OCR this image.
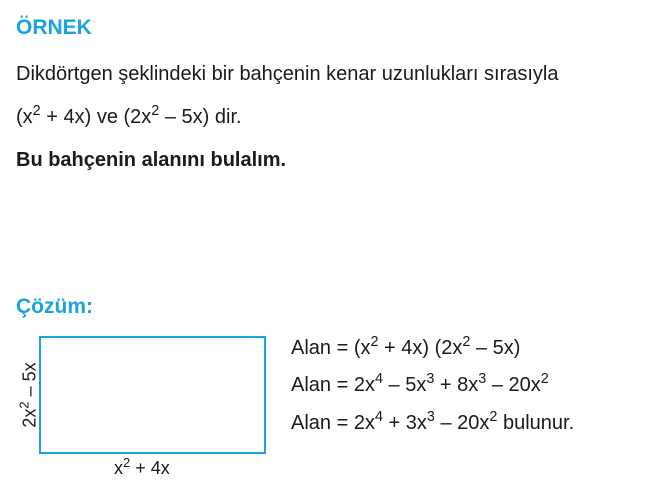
ÖRNEK
Dikdörtgen şeklindeki bir bahçenin kenar uzunlukları sırasıyla
$(x^2 + 4x)$ ve $(2x^2 - 5x)$ dir.
Bu bahçenin alanını bulalım.
Çözüm:
$2x^2 - 5x$
$x^2 + 4x$
Alan = $(x^2 + 4x)$ $(2x^2 - 5x)$
Alan = $2x^4 - 5x^3 + 8x^3 - 20x^2$
Alan = $2x^4 + 3x^3 - 20x^2$ bulunur.
